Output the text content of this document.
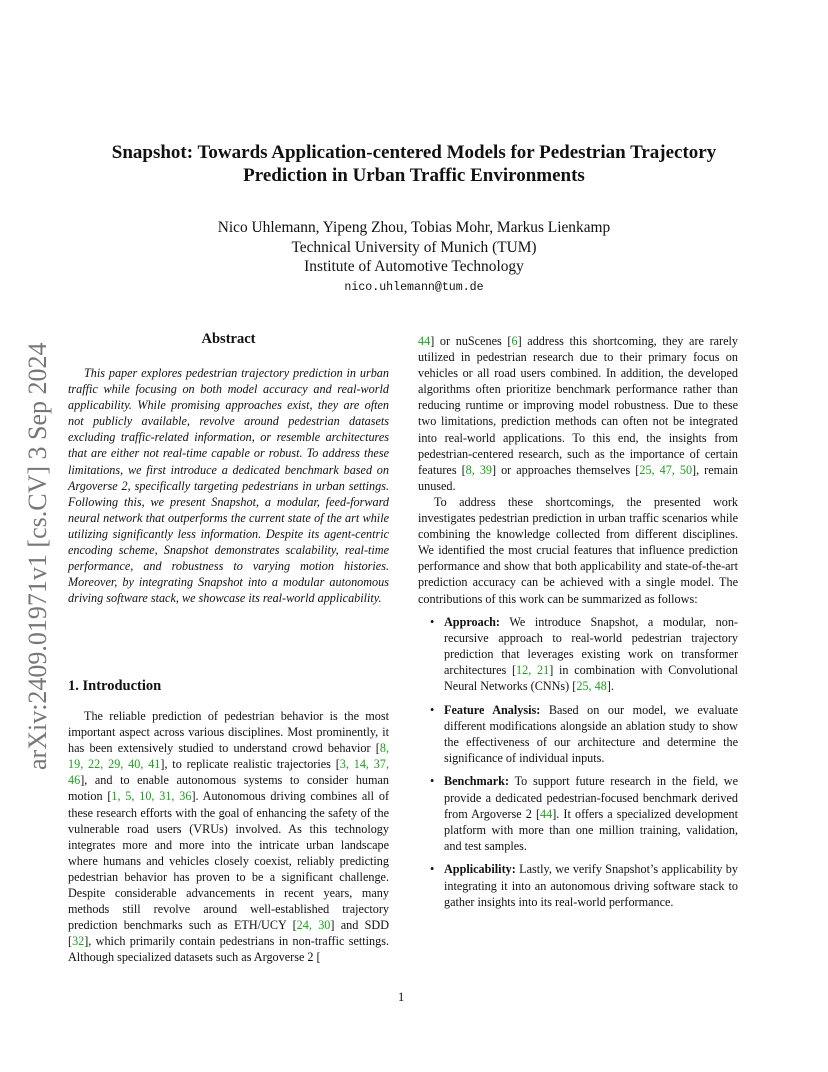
arXiv:2409.01971v1 [cs.CV] 3 Sep 2024
Snapshot: Towards Application-centered Models for Pedestrian Trajectory
Prediction in Urban Traffic Environments
Nico Uhlemann, Yipeng Zhou, Tobias Mohr, Markus Lienkamp
Technical University of Munich (TUM)
Institute of Automotive Technology
nico.uhlemann@tum.de
Abstract

This paper explores pedestrian trajectory prediction in urban traffic while focusing on both model accuracy and real-world applicability. While promising approaches exist, they are often not publicly available, revolve around pedestrian datasets excluding traffic-related information, or resemble architectures that are either not real-time capable or robust. To address these limitations, we first introduce a dedicated benchmark based on Argoverse 2, specifically targeting pedestrians in urban settings. Following this, we present Snapshot, a modular, feed-forward neural network that outperforms the current state of the art while utilizing significantly less information. Despite its agent-centric encoding scheme, Snapshot demonstrates scalability, real-time performance, and robustness to varying motion histories. Moreover, by integrating Snapshot into a modular autonomous driving software stack, we showcase its real-world applicability.

1. Introduction

The reliable prediction of pedestrian behavior is the most important aspect across various disciplines. Most prominently, it has been extensively studied to understand crowd behavior [8, 19, 22, 29, 40, 41], to replicate realistic trajectories [3, 14, 37, 46], and to enable autonomous systems to consider human motion [1, 5, 10, 31, 36]. Autonomous driving combines all of these research efforts with the goal of enhancing the safety of the vulnerable road users (VRUs) involved. As this technology integrates more and more into the intricate urban landscape where humans and vehicles closely coexist, reliably predicting pedestrian behavior has proven to be a significant challenge. Despite considerable advancements in recent years, many methods still revolve around well-established trajectory prediction benchmarks such as ETH/UCY [24, 30] and SDD [32], which primarily contain pedestrians in non-traffic settings. Although specialized datasets such as Argoverse 2 [

44] or nuScenes [6] address this shortcoming, they are rarely utilized in pedestrian research due to their primary focus on vehicles or all road users combined. In addition, the developed algorithms often prioritize benchmark performance rather than reducing runtime or improving model robustness. Due to these two limitations, prediction methods can often not be integrated into real-world applications. To this end, the insights from pedestrian-centered research, such as the importance of certain features [8, 39] or approaches themselves [25, 47, 50], remain unused.

To address these shortcomings, the presented work investigates pedestrian prediction in urban traffic scenarios while combining the knowledge collected from different disciplines. We identified the most crucial features that influence prediction performance and show that both applicability and state-of-the-art prediction accuracy can be achieved with a single model. The contributions of this work can be summarized as follows:

• Approach: We introduce Snapshot, a modular, non-recursive approach to real-world pedestrian trajectory prediction that leverages existing work on transformer architectures [12, 21] in combination with Convolutional Neural Networks (CNNs) [25, 48].
• Feature Analysis: Based on our model, we evaluate different modifications alongside an ablation study to show the effectiveness of our architecture and determine the significance of individual inputs.
• Benchmark: To support future research in the field, we provide a dedicated pedestrian-focused benchmark derived from Argoverse 2 [44]. It offers a specialized development platform with more than one million training, validation, and test samples.
• Applicability: Lastly, we verify Snapshot’s applicability by integrating it into an autonomous driving software stack to gather insights into its real-world performance.
1
